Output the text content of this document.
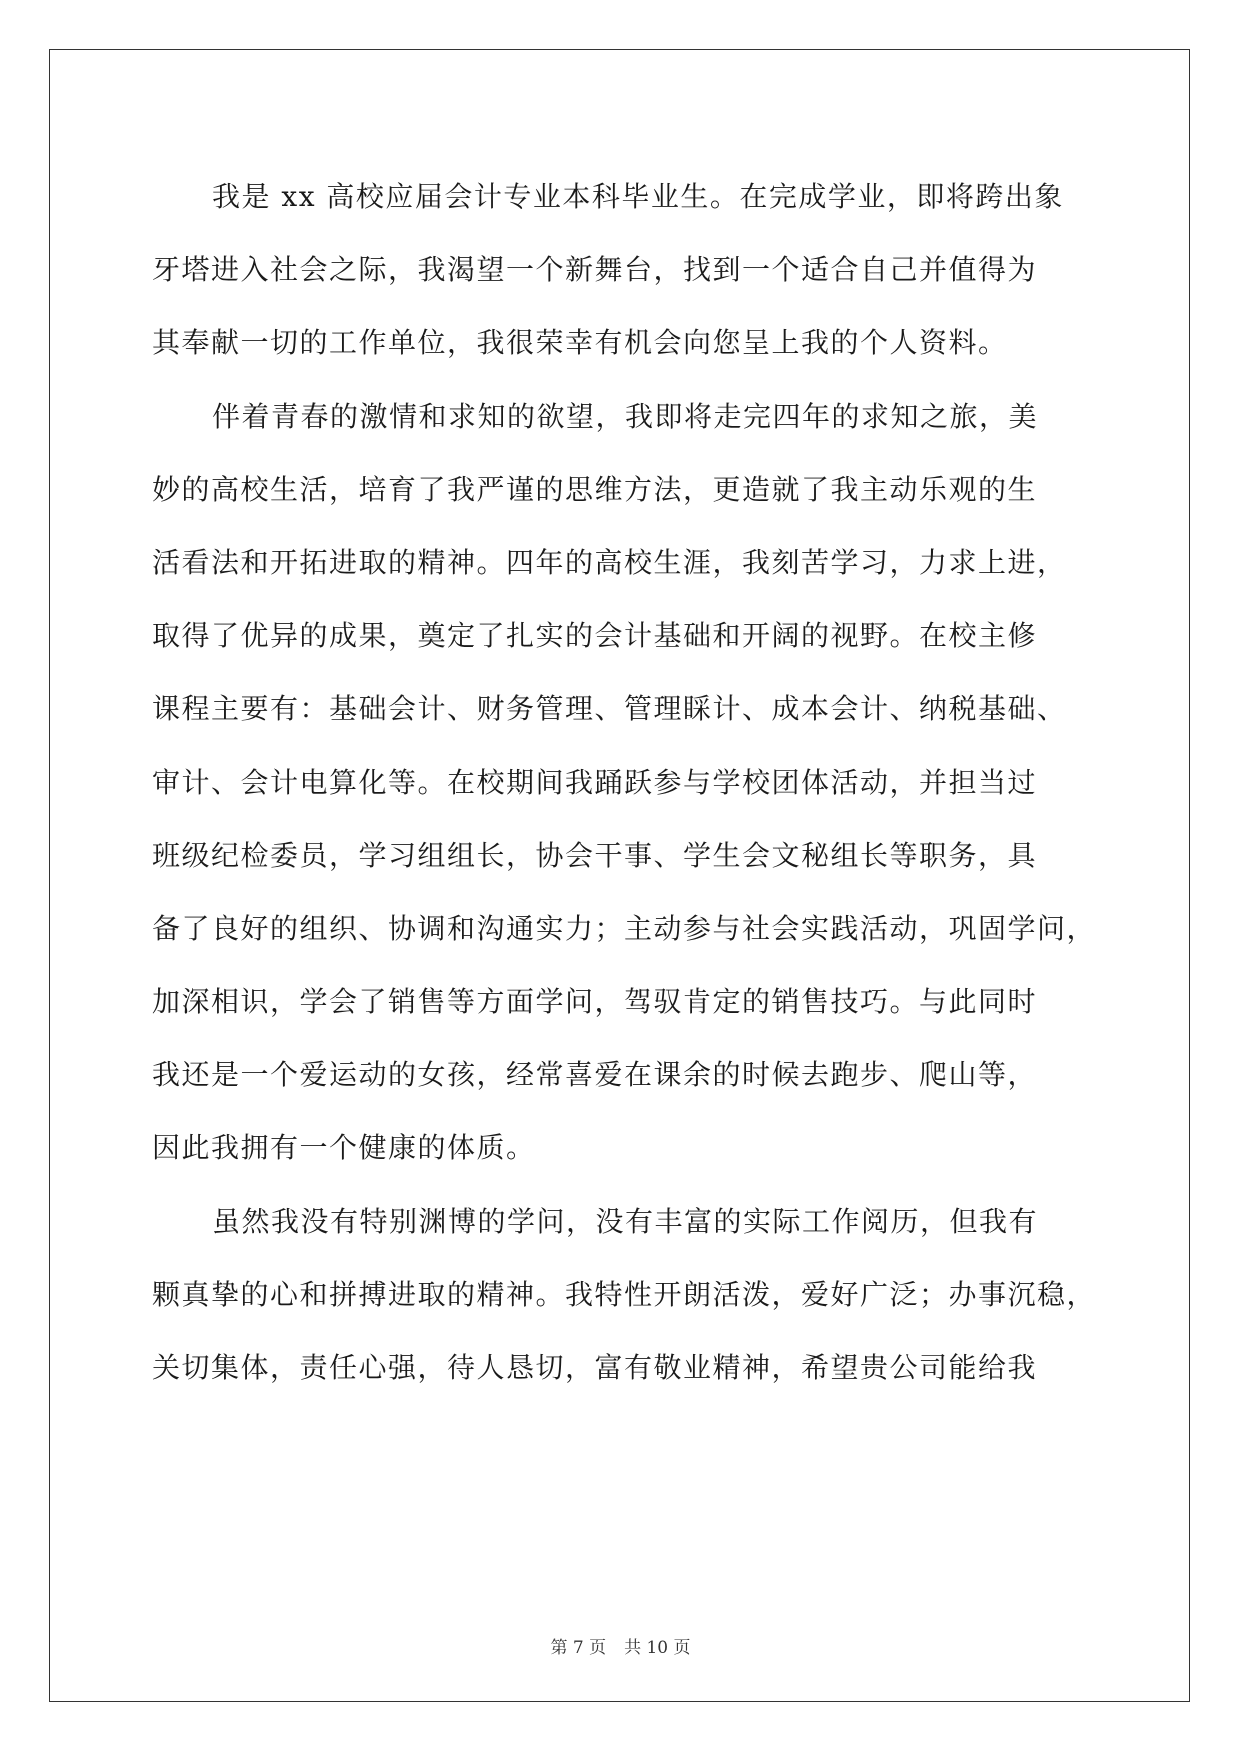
我是 xx 高校应届会计专业本科毕业生。在完成学业，即将跨出象
牙塔进入社会之际，我渴望一个新舞台，找到一个适合自己并值得为
其奉献一切的工作单位，我很荣幸有机会向您呈上我的个人资料。
伴着青春的激情和求知的欲望，我即将走完四年的求知之旅，美
妙的高校生活，培育了我严谨的思维方法，更造就了我主动乐观的生
活看法和开拓进取的精神。四年的高校生涯，我刻苦学习，力求上进，
取得了优异的成果，奠定了扎实的会计基础和开阔的视野。在校主修
课程主要有：基础会计、财务管理、管理睬计、成本会计、纳税基础、
审计、会计电算化等。在校期间我踊跃参与学校团体活动，并担当过
班级纪检委员，学习组组长，协会干事、学生会文秘组长等职务，具
备了良好的组织、协调和沟通实力；主动参与社会实践活动，巩固学问，
加深相识，学会了销售等方面学问，驾驭肯定的销售技巧。与此同时
我还是一个爱运动的女孩，经常喜爱在课余的时候去跑步、爬山等，
因此我拥有一个健康的体质。
虽然我没有特别渊博的学问，没有丰富的实际工作阅历，但我有
颗真挚的心和拼搏进取的精神。我特性开朗活泼，爱好广泛；办事沉稳，
关切集体，责任心强，待人恳切，富有敬业精神，希望贵公司能给我
第 7 页 共 10 页
